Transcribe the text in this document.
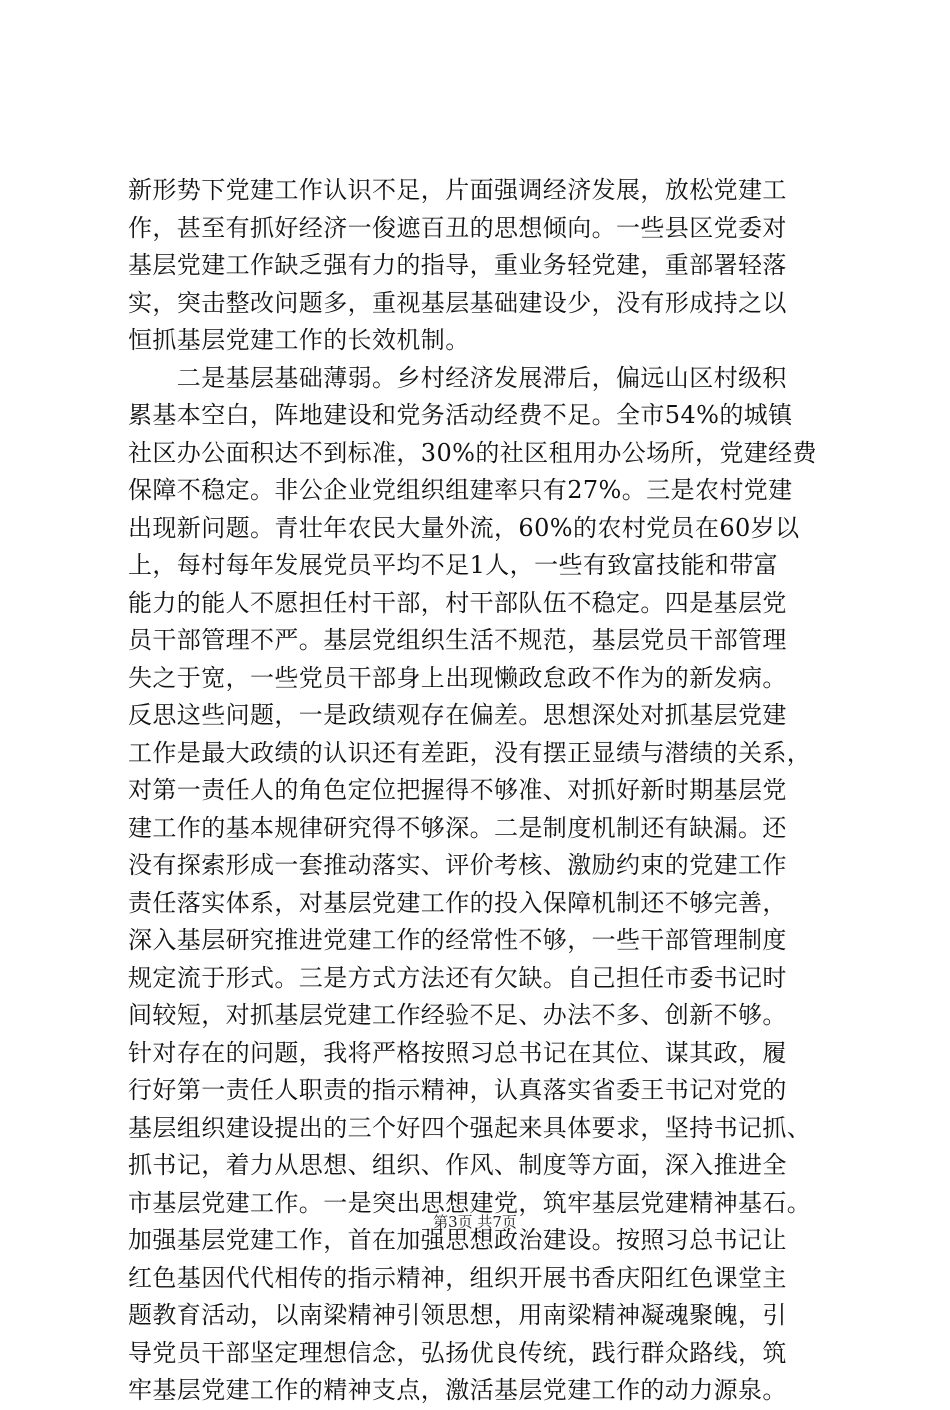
新形势下党建工作认识不足，片面强调经济发展，放松党建工
作，甚至有抓好经济一俊遮百丑的思想倾向。一些县区党委对
基层党建工作缺乏强有力的指导，重业务轻党建，重部署轻落
实，突击整改问题多，重视基层基础建设少，没有形成持之以
恒抓基层党建工作的长效机制。
　　二是基层基础薄弱。乡村经济发展滞后，偏远山区村级积
累基本空白，阵地建设和党务活动经费不足。全市54%的城镇
社区办公面积达不到标准，30%的社区租用办公场所，党建经费
保障不稳定。非公企业党组织组建率只有27%。三是农村党建
出现新问题。青壮年农民大量外流，60%的农村党员在60岁以
上，每村每年发展党员平均不足1人，一些有致富技能和带富
能力的能人不愿担任村干部，村干部队伍不稳定。四是基层党
员干部管理不严。基层党组织生活不规范，基层党员干部管理
失之于宽，一些党员干部身上出现懒政怠政不作为的新发病。
反思这些问题，一是政绩观存在偏差。思想深处对抓基层党建
工作是最大政绩的认识还有差距，没有摆正显绩与潜绩的关系，
对第一责任人的角色定位把握得不够准、对抓好新时期基层党
建工作的基本规律研究得不够深。二是制度机制还有缺漏。还
没有探索形成一套推动落实、评价考核、激励约束的党建工作
责任落实体系，对基层党建工作的投入保障机制还不够完善，
深入基层研究推进党建工作的经常性不够，一些干部管理制度
规定流于形式。三是方式方法还有欠缺。自己担任市委书记时
间较短，对抓基层党建工作经验不足、办法不多、创新不够。
针对存在的问题，我将严格按照习总书记在其位、谋其政，履
行好第一责任人职责的指示精神，认真落实省委王书记对党的
基层组织建设提出的三个好四个强起来具体要求，坚持书记抓、
抓书记，着力从思想、组织、作风、制度等方面，深入推进全
市基层党建工作。一是突出思想建党，筑牢基层党建精神基石。
加强基层党建工作，首在加强思想政治建设。按照习总书记让
红色基因代代相传的指示精神，组织开展书香庆阳红色课堂主
题教育活动，以南梁精神引领思想，用南梁精神凝魂聚魄，引
导党员干部坚定理想信念，弘扬优良传统，践行群众路线，筑
牢基层党建工作的精神支点，激活基层党建工作的动力源泉。
第3页 共7页
